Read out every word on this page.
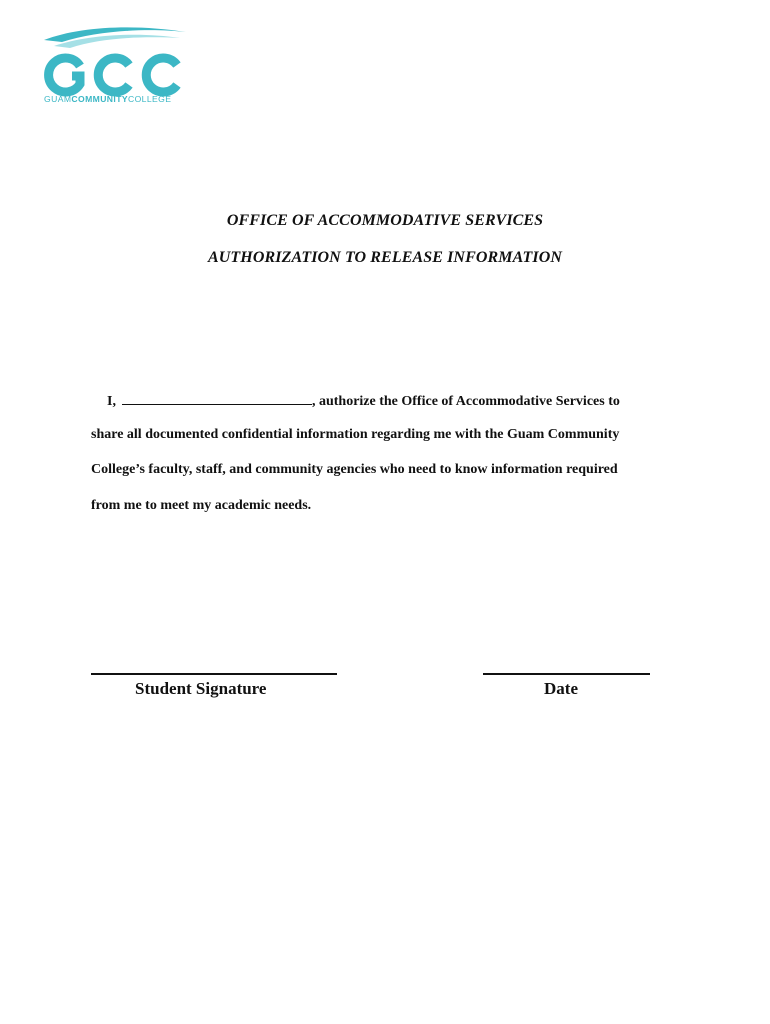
GUAMCOMMUNITYCOLLEGE
OFFICE OF ACCOMMODATIVE SERVICES
AUTHORIZATION TO RELEASE INFORMATION
I,	, authorize the Office of Accommodative Services to
share all documented confidential information regarding me with the Guam Community
College’s faculty, staff, and community agencies who need to know information required
from me to meet my academic needs.
Student Signature	Date
